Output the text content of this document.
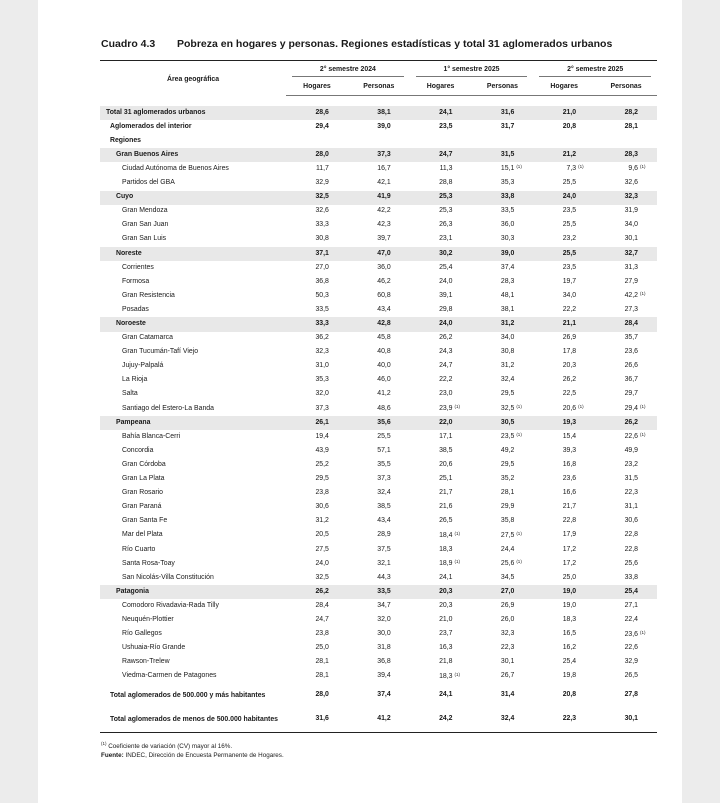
Cuadro 4.3 Pobreza en hogares y personas. Regiones estadísticas y total 31 aglomerados urbanos

Área geográfica	2° semestre 2024		1° semestre 2025		2° semestre 2025	

	Hogares	Personas	Hogares	Personas	Hogares	Personas

Total 31 aglomerados urbanos	28,6	38,1	24,1	31,6	21,0	28,2
Aglomerados del interior	29,4	39,0	23,5	31,7	20,8	28,1
Regiones						
Gran Buenos Aires	28,0	37,3	24,7	31,5	21,2	28,3
Ciudad Autónoma de Buenos Aires	11,7	16,7	11,3	15,1 (1)	7,3 (1)	9,6 (1)
Partidos del GBA	32,9	42,1	28,8	35,3	25,5	32,6
Cuyo	32,5	41,9	25,3	33,8	24,0	32,3
Gran Mendoza	32,6	42,2	25,3	33,5	23,5	31,9
Gran San Juan	33,3	42,3	26,3	36,0	25,5	34,0
Gran San Luis	30,8	39,7	23,1	30,3	23,2	30,1
Noreste	37,1	47,0	30,2	39,0	25,5	32,7
Corrientes	27,0	36,0	25,4	37,4	23,5	31,3
Formosa	36,8	46,2	24,0	28,3	19,7	27,9
Gran Resistencia	50,3	60,8	39,1	48,1	34,0	42,2 (1)
Posadas	33,5	43,4	29,8	38,1	22,2	27,3
Noroeste	33,3	42,8	24,0	31,2	21,1	28,4
Gran Catamarca	36,2	45,8	26,2	34,0	26,9	35,7
Gran Tucumán-Tafí Viejo	32,3	40,8	24,3	30,8	17,8	23,6
Jujuy-Palpalá	31,0	40,0	24,7	31,2	20,3	26,6
La Rioja	35,3	46,0	22,2	32,4	26,2	36,7
Salta	32,0	41,2	23,0	29,5	22,5	29,7
Santiago del Estero-La Banda	37,3	48,6	23,9 (1)	32,5 (1)	20,6 (1)	29,4 (1)
Pampeana	26,1	35,6	22,0	30,5	19,3	26,2
Bahía Blanca-Cerri	19,4	25,5	17,1	23,5 (1)	15,4	22,6 (1)
Concordia	43,9	57,1	38,5	49,2	39,3	49,9
Gran Córdoba	25,2	35,5	20,6	29,5	16,8	23,2
Gran La Plata	29,5	37,3	25,1	35,2	23,6	31,5
Gran Rosario	23,8	32,4	21,7	28,1	16,6	22,3
Gran Paraná	30,6	38,5	21,6	29,9	21,7	31,1
Gran Santa Fe	31,2	43,4	26,5	35,8	22,8	30,6
Mar del Plata	20,5	28,9	18,4 (1)	27,5 (1)	17,9	22,8
Río Cuarto	27,5	37,5	18,3	24,4	17,2	22,8
Santa Rosa-Toay	24,0	32,1	18,9 (1)	25,6 (1)	17,2	25,6
San Nicolás-Villa Constitución	32,5	44,3	24,1	34,5	25,0	33,8
Patagonia	26,2	33,5	20,3	27,0	19,0	25,4
Comodoro Rivadavia-Rada Tilly	28,4	34,7	20,3	26,9	19,0	27,1
Neuquén-Plottier	24,7	32,0	21,0	26,0	18,3	22,4
Río Gallegos	23,8	30,0	23,7	32,3	16,5	23,6 (1)
Ushuaia-Río Grande	25,0	31,8	16,3	22,3	16,2	22,6
Rawson-Trelew	28,1	36,8	21,8	30,1	25,4	32,9
Viedma-Carmen de Patagones	28,1	39,4	18,3 (1)	26,7	19,8	26,5
Total aglomerados de 500.000 y más habitantes	28,0	37,4	24,1	31,4	20,8	27,8
Total aglomerados de menos de 500.000 habitantes	31,6	41,2	24,2	32,4	22,3	30,1
$^{(1)}$ Coeficiente de variación (CV) mayor al 16%.
Fuente: INDEC, Dirección de Encuesta Permanente de Hogares.
